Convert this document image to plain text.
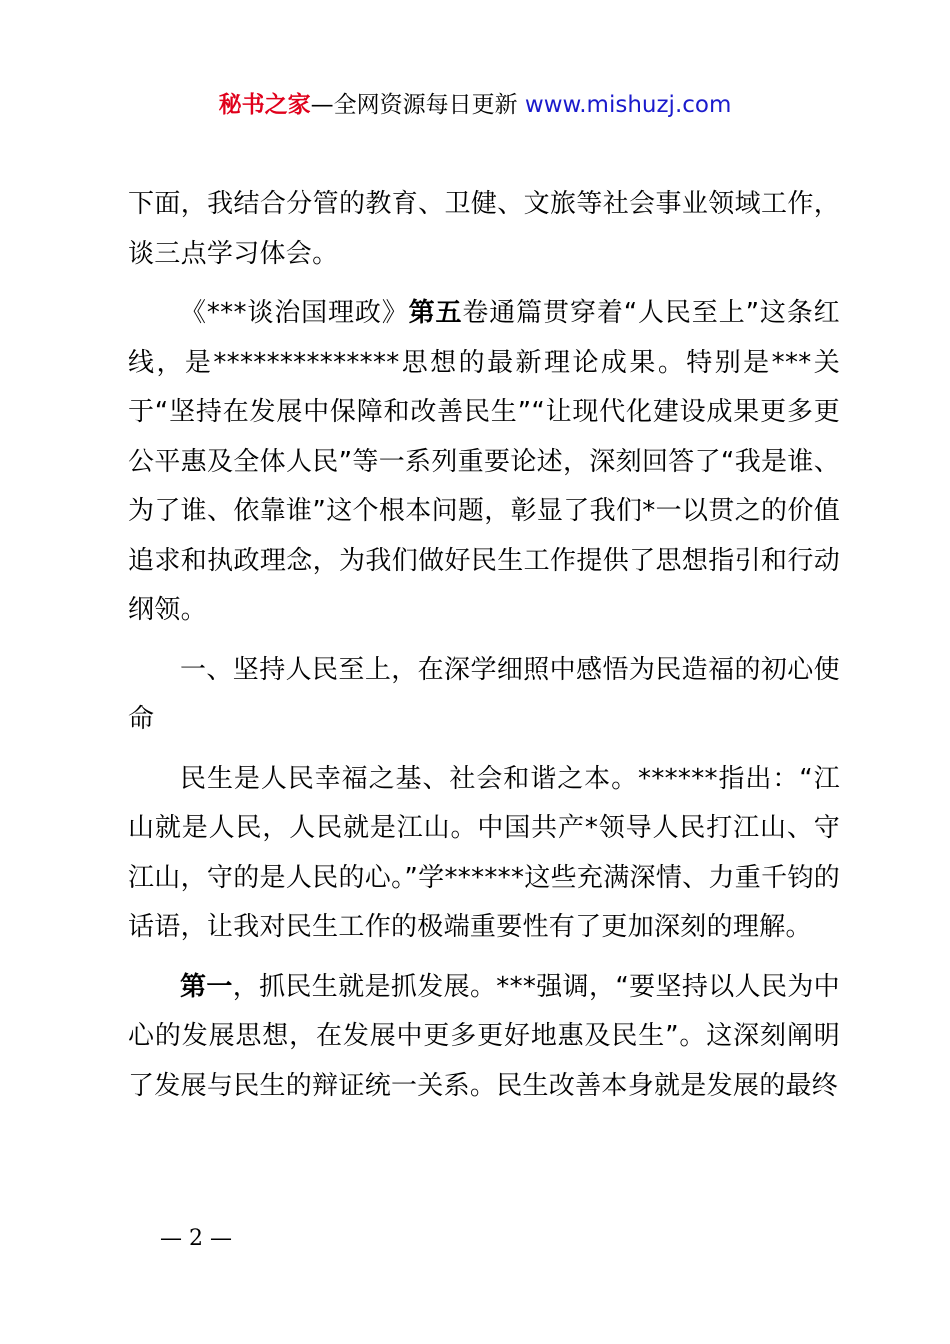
秘书之家—全网资源每日更新 www.mishuzj.com

下面，我结合分管的教育、卫健、文旅等社会事业领域工作，谈三点学习体会。

《***谈治国理政》第五卷通篇贯穿着“人民至上”这条红线，是**************思想的最新理论成果。特别是***关于“坚持在发展中保障和改善民生”“让现代化建设成果更多更公平惠及全体人民”等一系列重要论述，深刻回答了“我是谁、为了谁、依靠谁”这个根本问题，彰显了我们*一以贯之的价值追求和执政理念，为我们做好民生工作提供了思想指引和行动纲领。

一、坚持人民至上，在深学细照中感悟为民造福的初心使命

民生是人民幸福之基、社会和谐之本。******指出：“江山就是人民，人民就是江山。中国共产*领导人民打江山、守江山，守的是人民的心。”学******这些充满深情、力重千钧的话语，让我对民生工作的极端重要性有了更加深刻的理解。

第一，抓民生就是抓发展。***强调，“要坚持以人民为中心的发展思想，在发展中更多更好地惠及民生”。这深刻阐明了发展与民生的辩证统一关系。民生改善本身就是发展的最终

— 2 —
